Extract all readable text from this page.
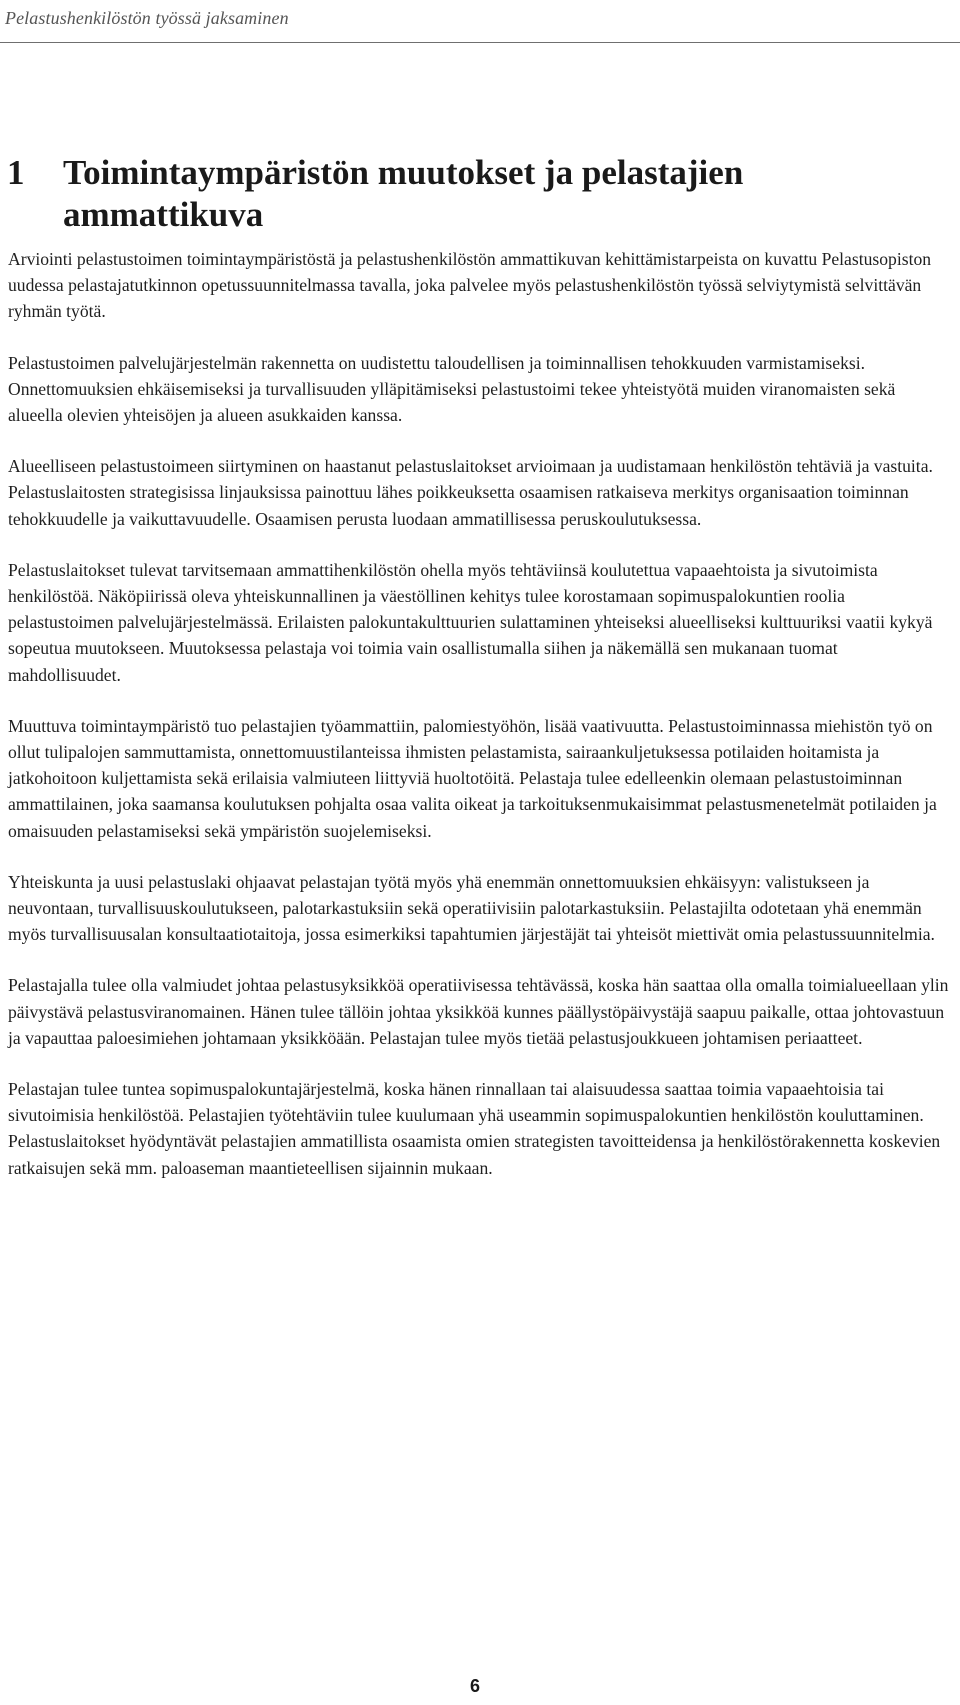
Pelastushenkilöstön työssä jaksaminen
1 Toimintaympäristön muutokset ja pelastajien
ammattikuva

Arviointi pelastustoimen toimintaympäristöstä ja pelastushenkilöstön ammattikuvan kehittämistarpeista on kuvattu Pelastusopiston uudessa pelastajatutkinnon opetussuunnitelmassa tavalla, joka palvelee myös pelastushenkilöstön työssä selviytymistä selvittävän ryhmän työtä.

Pelastustoimen palvelujärjestelmän rakennetta on uudistettu taloudellisen ja toiminnallisen tehokkuuden varmistamiseksi. Onnettomuuksien ehkäisemiseksi ja turvallisuuden ylläpitämiseksi pelastustoimi tekee yhteistyötä muiden viranomaisten sekä alueella olevien yhteisöjen ja alueen asukkaiden kanssa.

Alueelliseen pelastustoimeen siirtyminen on haastanut pelastuslaitokset arvioimaan ja uudistamaan henkilöstön tehtäviä ja vastuita. Pelastuslaitosten strategisissa linjauksissa painottuu lähes poikkeuksetta osaamisen ratkaiseva merkitys organisaation toiminnan tehokkuudelle ja vaikuttavuudelle. Osaamisen perusta luodaan ammatillisessa peruskoulutuksessa.

Pelastuslaitokset tulevat tarvitsemaan ammattihenkilöstön ohella myös tehtäviinsä koulutettua vapaaehtoista ja sivutoimista henkilöstöä. Näköpiirissä oleva yhteiskunnallinen ja väestöllinen kehitys tulee korostamaan sopimuspalokuntien roolia pelastustoimen palvelujärjestelmässä. Erilaisten palokuntakulttuurien sulattaminen yhteiseksi alueelliseksi kulttuuriksi vaatii kykyä sopeutua muutokseen. Muutoksessa pelastaja voi toimia vain osallistumalla siihen ja näkemällä sen mukanaan tuomat mahdollisuudet.

Muuttuva toimintaympäristö tuo pelastajien työammattiin, palomiestyöhön, lisää vaativuutta. Pelastustoiminnassa miehistön työ on ollut tulipalojen sammuttamista, onnettomuustilanteissa ihmisten pelastamista, sairaankuljetuksessa potilaiden hoitamista ja jatkohoitoon kuljettamista sekä erilaisia valmiuteen liittyviä huoltotöitä. Pelastaja tulee edelleenkin olemaan pelastustoiminnan ammattilainen, joka saamansa koulutuksen pohjalta osaa valita oikeat ja tarkoituksenmukaisimmat pelastusmenetelmät potilaiden ja omaisuuden pelastamiseksi sekä ympäristön suojelemiseksi.

Yhteiskunta ja uusi pelastuslaki ohjaavat pelastajan työtä myös yhä enemmän onnettomuuksien ehkäisyyn: valistukseen ja neuvontaan, turvallisuuskoulutukseen, palotarkastuksiin sekä operatiivisiin palotarkastuksiin. Pelastajilta odotetaan yhä enemmän myös turvallisuusalan konsultaatiotaitoja, jossa esimerkiksi tapahtumien järjestäjät tai yhteisöt miettivät omia pelastussuunnitelmia.

Pelastajalla tulee olla valmiudet johtaa pelastusyksikköä operatiivisessa tehtävässä, koska hän saattaa olla omalla toimialueellaan ylin päivystävä pelastusviranomainen. Hänen tulee tällöin johtaa yksikköä kunnes päällystöpäivystäjä saapuu paikalle, ottaa johtovastuun ja vapauttaa paloesimiehen johtamaan yksikköään. Pelastajan tulee myös tietää pelastusjoukkueen johtamisen periaatteet.

Pelastajan tulee tuntea sopimuspalokuntajärjestelmä, koska hänen rinnallaan tai alaisuudessa saattaa toimia vapaaehtoisia tai sivutoimisia henkilöstöä. Pelastajien työtehtäviin tulee kuulumaan yhä useammin sopimuspalokuntien henkilöstön kouluttaminen.

Pelastuslaitokset hyödyntävät pelastajien ammatillista osaamista omien strategisten tavoitteidensa ja henkilöstörakennetta koskevien ratkaisujen sekä mm. paloaseman maantieteellisen sijainnin mukaan.

6
